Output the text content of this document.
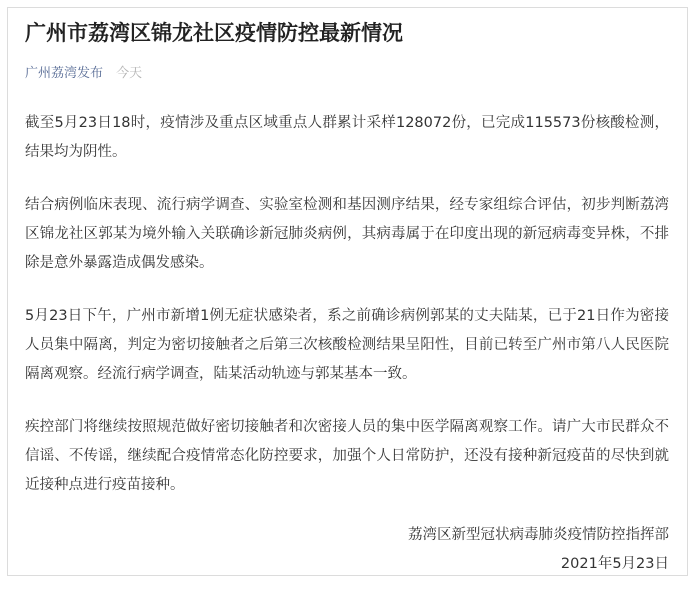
广州市荔湾区锦龙社区疫情防控最新情况
广州荔湾发布 今天

截至5月23日18时，疫情涉及重点区域重点人群累计采样128072份，已完成115573份核酸检测，结果均为阴性。

结合病例临床表现、流行病学调查、实验室检测和基因测序结果，经专家组综合评估，初步判断荔湾区锦龙社区郭某为境外输入关联确诊新冠肺炎病例，其病毒属于在印度出现的新冠病毒变异株，不排除是意外暴露造成偶发感染。

5月23日下午，广州市新增1例无症状感染者，系之前确诊病例郭某的丈夫陆某，已于21日作为密接人员集中隔离，判定为密切接触者之后第三次核酸检测结果呈阳性，目前已转至广州市第八人民医院隔离观察。经流行病学调查，陆某活动轨迹与郭某基本一致。

疾控部门将继续按照规范做好密切接触者和次密接人员的集中医学隔离观察工作。请广大市民群众不信谣、不传谣，继续配合疫情常态化防控要求，加强个人日常防护，还没有接种新冠疫苗的尽快到就近接种点进行疫苗接种。

荔湾区新型冠状病毒肺炎疫情防控指挥部
2021年5月23日
